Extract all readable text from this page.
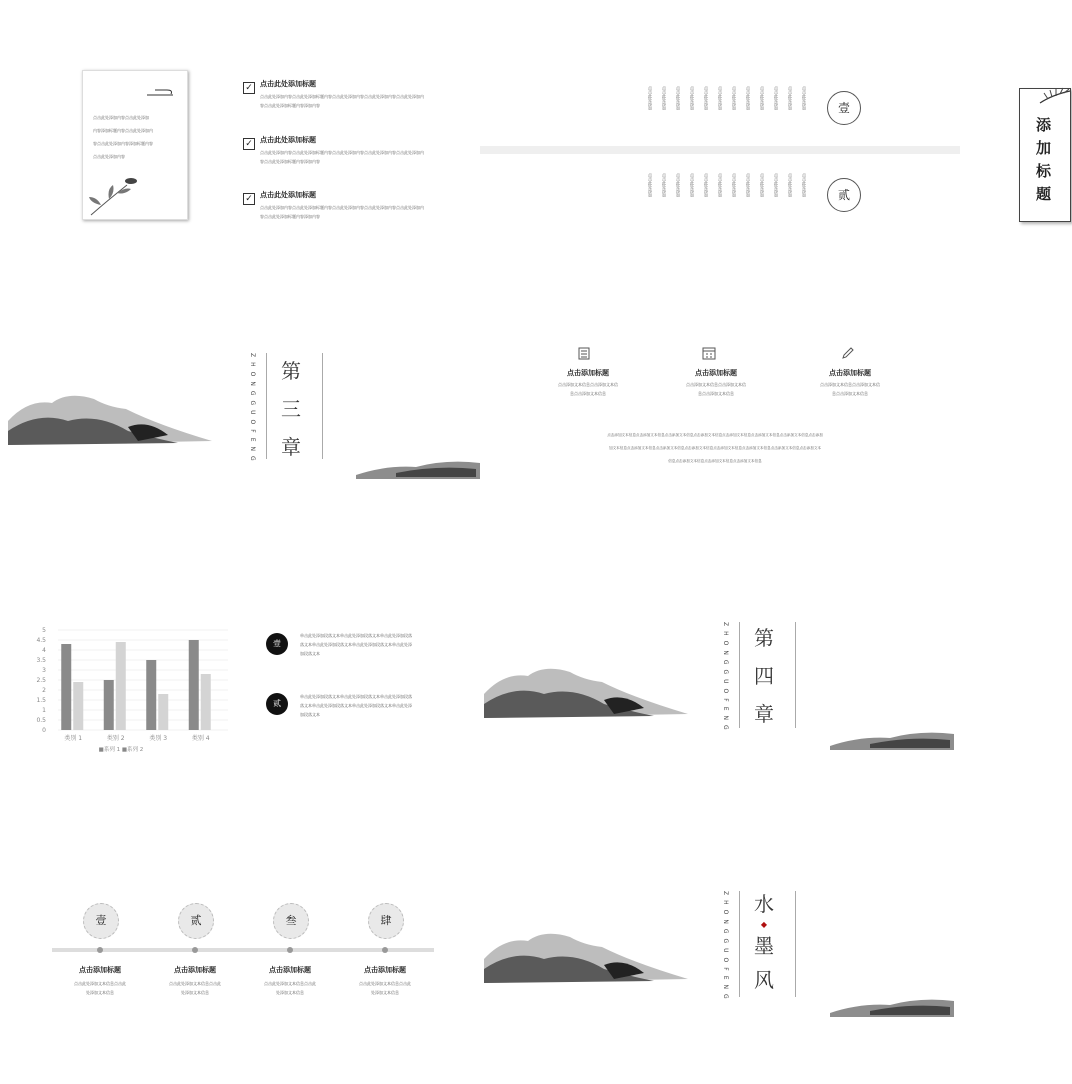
点击此处添加内容点击此处添加
内容添加标题内容点击此处添加内
容点击此处添加内容添加标题内容
点击此处添加内容
✓	点击此处添加标题
点击此处添加内容点击此处添加标题内容点击此处添加内容点击此处添加内容点击此处添加内
容点击此处添加标题内容添加内容
✓	点击此处添加标题
点击此处添加内容点击此处添加标题内容点击此处添加内容点击此处添加内容点击此处添加内
容点击此处添加标题内容添加内容
✓	点击此处添加标题
点击此处添加内容点击此处添加标题内容点击此处添加内容点击此处添加内容点击此处添加内
容点击此处添加标题内容添加内容
添加标题
点击此处添加 点击此处添加 点击此处添加 点击此处添加 点击此处添加 点击此处添加 点击此处添加 点击此处添加 点击此处添加 点击此处添加 点击此处添加 点击此处添加	壹
点击此处添加 点击此处添加 点击此处添加 点击此处添加 点击此处添加 点击此处添加 点击此处添加 点击此处添加 点击此处添加 点击此处添加 点击此处添加 点击此处添加	贰
ZHONGGUOFENG 第
三
章
点击添加标题
点击添加文本信息点击添加文本信
息点击添加文本信息
点击添加标题
点击添加文本信息点击添加文本信
息点击添加文本信息
点击添加标题
点击添加文本信息点击添加文本信
息点击添加文本信息
点击添加文本信息点击添加文本信息点击添加文本信息点击添加文本信息点击添加文本信息点击添加文本信息点击添加文本信息点击添加
加文本信息点击添加文本信息点击添加文本信息点击添加文本信息点击添加文本信息点击添加文本信息点击添加文本信息点击添加文本
信息点击添加文本信息点击添加文本信息点击添加文本信息
0
0.5
1
1.5
2
2.5
3
3.5
4
4.5
5
类别 1	类别 2	类别 3	类别 4
■系列 1 ■系列 2
壹
单击此处添加段落文本单击此处添加段落文本单击此处添加段落
落文本单击此处添加段落文本单击此处添加段落文本单击此处添
加段落文本
贰
单击此处添加段落文本单击此处添加段落文本单击此处添加段落
落文本单击此处添加段落文本单击此处添加段落文本单击此处添
加段落文本	ZHONGGUOFENG 第
四
章
壹
点击添加标题
点击此处添加文本信息点击此
处添加文本信息
贰
点击添加标题
点击此处添加文本信息点击此
处添加文本信息
叁
点击添加标题
点击此处添加文本信息点击此
处添加文本信息
肆
点击添加标题
点击此处添加文本信息点击此
处添加文本信息	ZHONGGUOFENG 水
◆
墨
风
